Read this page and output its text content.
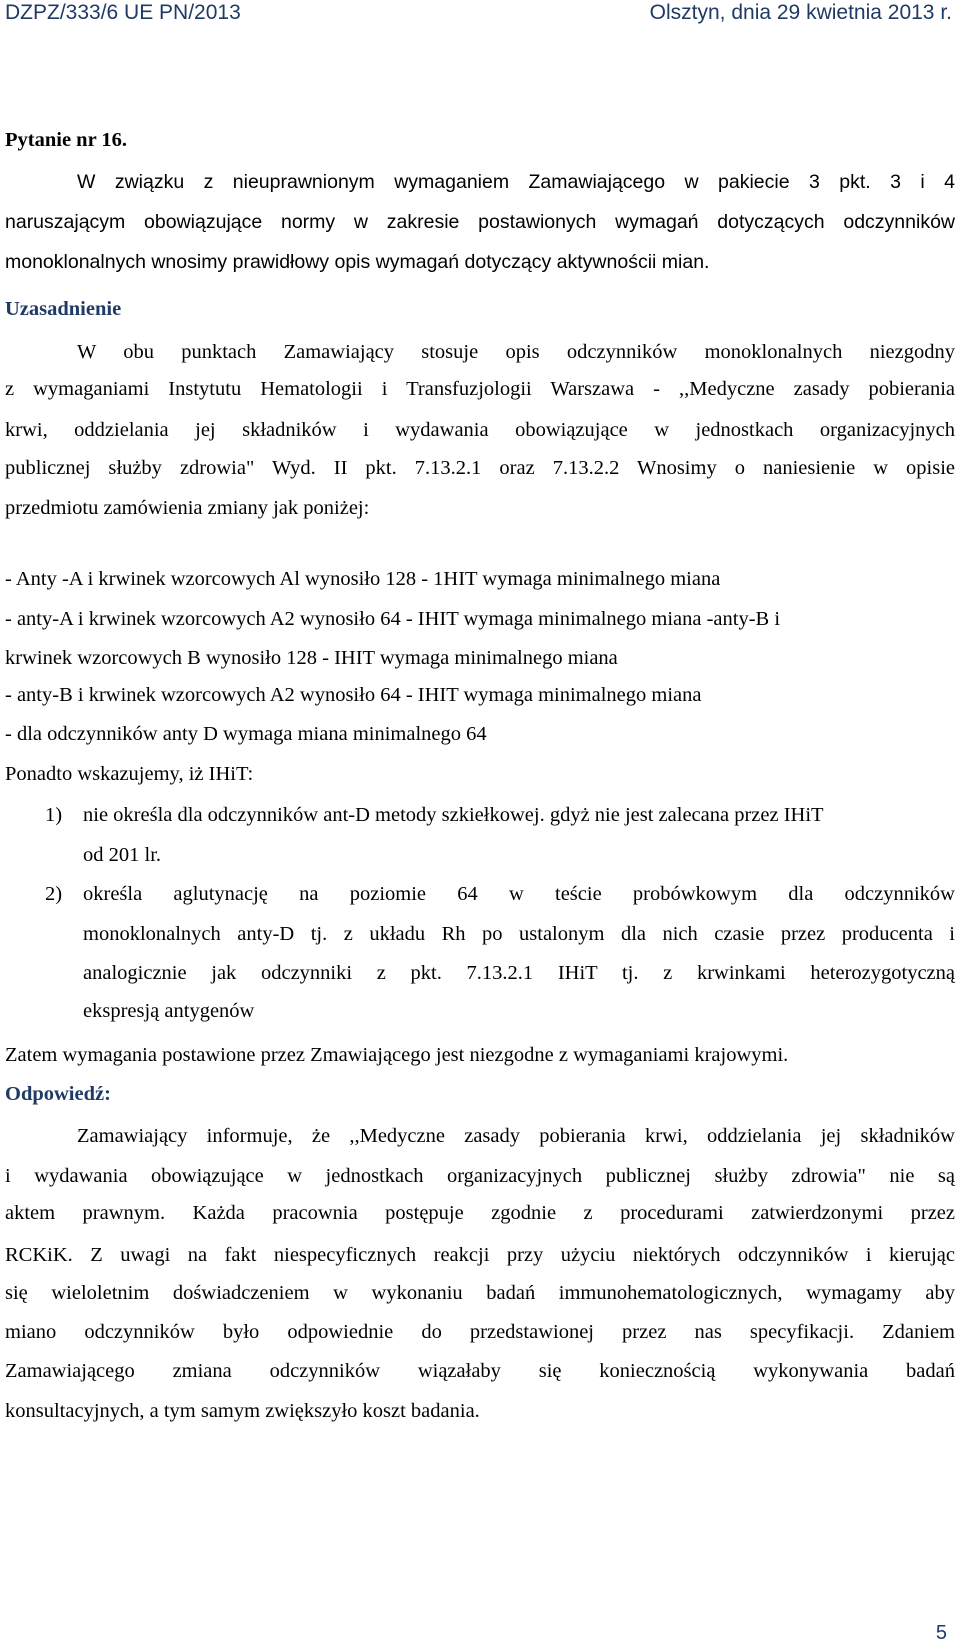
DZPZ/333/6 UE PN/2013	Olsztyn, dnia 29 kwietnia 2013 r.
Pytanie nr 16.
W związku z nieuprawnionym wymaganiem Zamawiającego w pakiecie 3 pkt. 3 i 4
naruszającym obowiązujące normy w zakresie postawionych wymagań dotyczących odczynników
monoklonalnych wnosimy prawidłowy opis wymagań dotyczący aktywnościi mian.
Uzasadnienie
W obu punktach Zamawiający stosuje opis odczynników monoklonalnych niezgodny
z wymaganiami Instytutu Hematologii i Transfuzjologii Warszawa - ,,Medyczne zasady pobierania
krwi, oddzielania jej składników i wydawania obowiązujące w jednostkach organizacyjnych
publicznej służby zdrowia" Wyd. II pkt. 7.13.2.1 oraz 7.13.2.2 Wnosimy o naniesienie w opisie
przedmiotu zamówienia zmiany jak poniżej:
- Anty -A i krwinek wzorcowych Al wynosiło 128 - 1HIT wymaga minimalnego miana
- anty-A i krwinek wzorcowych A2 wynosiło 64 - IHIT wymaga minimalnego miana -anty-B i
krwinek wzorcowych B wynosiło 128 - IHIT wymaga minimalnego miana
- anty-B i krwinek wzorcowych A2 wynosiło 64 - IHIT wymaga minimalnego miana
- dla odczynników anty D wymaga miana minimalnego 64
Ponadto wskazujemy, iż IHiT:
1) nie określa dla odczynników ant-D metody szkiełkowej. gdyż nie jest zalecana przez IHiT
od 201 lr.
2) określa aglutynację na poziomie 64 w teście probówkowym dla odczynników
monoklonalnych anty-D tj. z układu Rh po ustalonym dla nich czasie przez producenta i
analogicznie jak odczynniki z pkt. 7.13.2.1 IHiT tj. z krwinkami heterozygotyczną
ekspresją antygenów
Zatem wymagania postawione przez Zmawiającego jest niezgodne z wymaganiami krajowymi.
Odpowiedź:
Zamawiający informuje, że ,,Medyczne zasady pobierania krwi, oddzielania jej składników
i wydawania obowiązujące w jednostkach organizacyjnych publicznej służby zdrowia" nie są
aktem prawnym. Każda pracownia postępuje zgodnie z procedurami zatwierdzonymi przez
RCKiK. Z uwagi na fakt niespecyficznych reakcji przy użyciu niektórych odczynników i kierując
się wieloletnim doświadczeniem w wykonaniu badań immunohematologicznych, wymagamy aby
miano odczynników było odpowiednie do przedstawionej przez nas specyfikacji. Zdaniem
Zamawiającego zmiana odczynników wiązałaby się koniecznością wykonywania badań
konsultacyjnych, a tym samym zwiększyło koszt badania.
5
